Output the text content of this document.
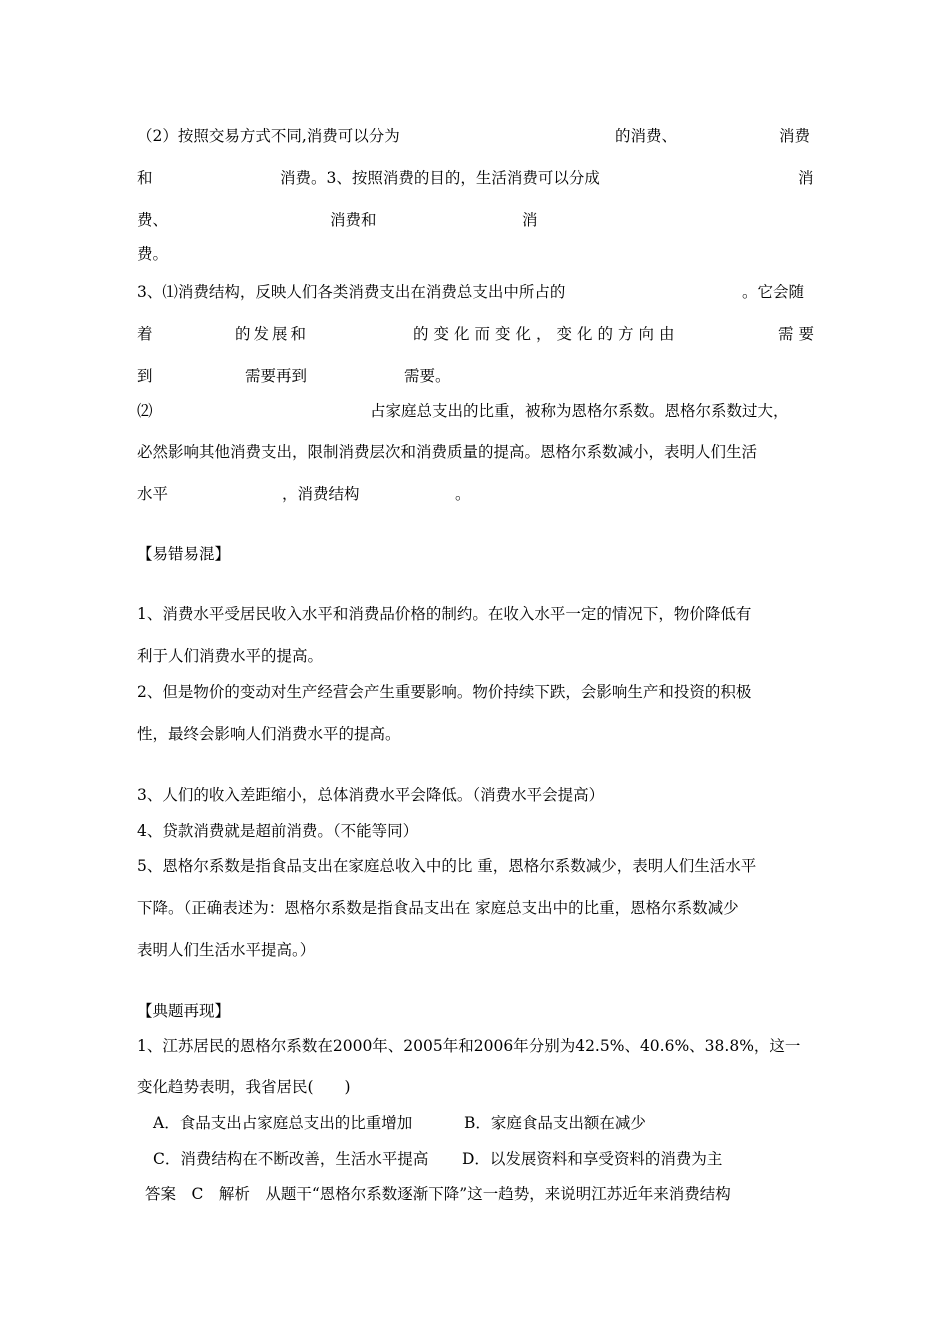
（2）按照交易方式不同,消费可以分为	的消费、	消费
和	消费。3、按照消费的目的，生活消费可以分成	消
费、	消费和	消
费。
3、⑴消费结构，反映人们各类消费支出在消费总支出中所占的	。它会随
着	的发展和	的变化而变化，变化的方向由	需要
到	需要再到	需要。
⑵	占家庭总支出的比重，被称为恩格尔系数。恩格尔系数过大，
必然影响其他消费支出，限制消费层次和消费质量的提高。恩格尔系数减小，表明人们生活
水平	，消费结构	。
【易错易混】
1、消费水平受居民收入水平和消费品价格的制约。在收入水平一定的情况下，物价降低有
利于人们消费水平的提高。
2、但是物价的变动对生产经营会产生重要影响。物价持续下跌，会影响生产和投资的积极
性，最终会影响人们消费水平的提高。
3、人们的收入差距缩小，总体消费水平会降低。（消费水平会提高）
4、贷款消费就是超前消费。（不能等同）
5、恩格尔系数是指食品支出在家庭总收入中的比 重，恩格尔系数减少，表明人们生活水平
下降。（正确表述为：恩格尔系数是指食品支出在 家庭总支出中的比重，恩格尔系数减少
表明人们生活水平提高。）
【典题再现】
1、江苏居民的恩格尔系数在2000年、2005年和2006年分别为42.5%、40.6%、38.8%，这一
变化趋势表明，我省居民(　　)
A．食品支出占家庭总支出的比重增加	B．家庭食品支出额在减少
C．消费结构在不断改善，生活水平提高 D．以发展资料和享受资料的消费为主
答案　C　解析　从题干“恩格尔系数逐渐下降”这一趋势，来说明江苏近年来消费结构
